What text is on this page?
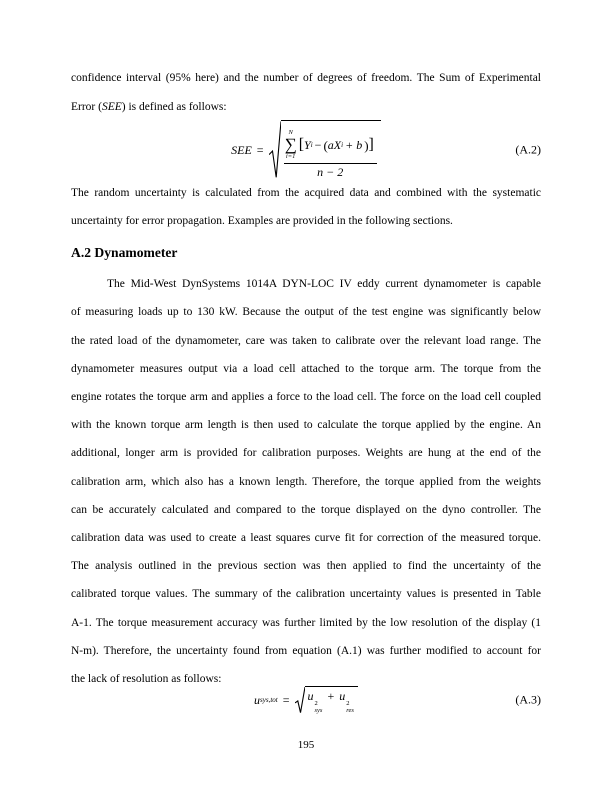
confidence interval (95% here) and the number of degrees of freedom. The Sum of Experimental
Error (SEE) is defined as follows:
SEE =
N
∑
i=1
[ Y i − ( aX i + b ) ]
n − 2
(A.2)
The random uncertainty is calculated from the acquired data and combined with the systematic
uncertainty for error propagation. Examples are provided in the following sections.
A.2 Dynamometer
The Mid-West DynSystems 1014A DYN-LOC IV eddy current dynamometer is capable
of measuring loads up to 130 kW. Because the output of the test engine was significantly below
the rated load of the dynamometer, care was taken to calibrate over the relevant load range. The
dynamometer measures output via a load cell attached to the torque arm. The torque from the
engine rotates the torque arm and applies a force to the load cell. The force on the load cell coupled
with the known torque arm length is then used to calculate the torque applied by the engine. An
additional, longer arm is provided for calibration purposes. Weights are hung at the end of the
calibration arm, which also has a known length. Therefore, the torque applied from the weights
can be accurately calculated and compared to the torque displayed on the dyno controller. The
calibration data was used to create a least squares curve fit for correction of the measured torque.
The analysis outlined in the previous section was then applied to find the uncertainty of the
calibrated torque values. The summary of the calibration uncertainty values is presented in Table
A-1. The torque measurement accuracy was further limited by the low resolution of the display (1
N-m). Therefore, the uncertainty found from equation (A.1) was further modified to account for
the lack of resolution as follows:
u sys,tot =	u
2
sys
+ u
2
res
(A.3)
195
